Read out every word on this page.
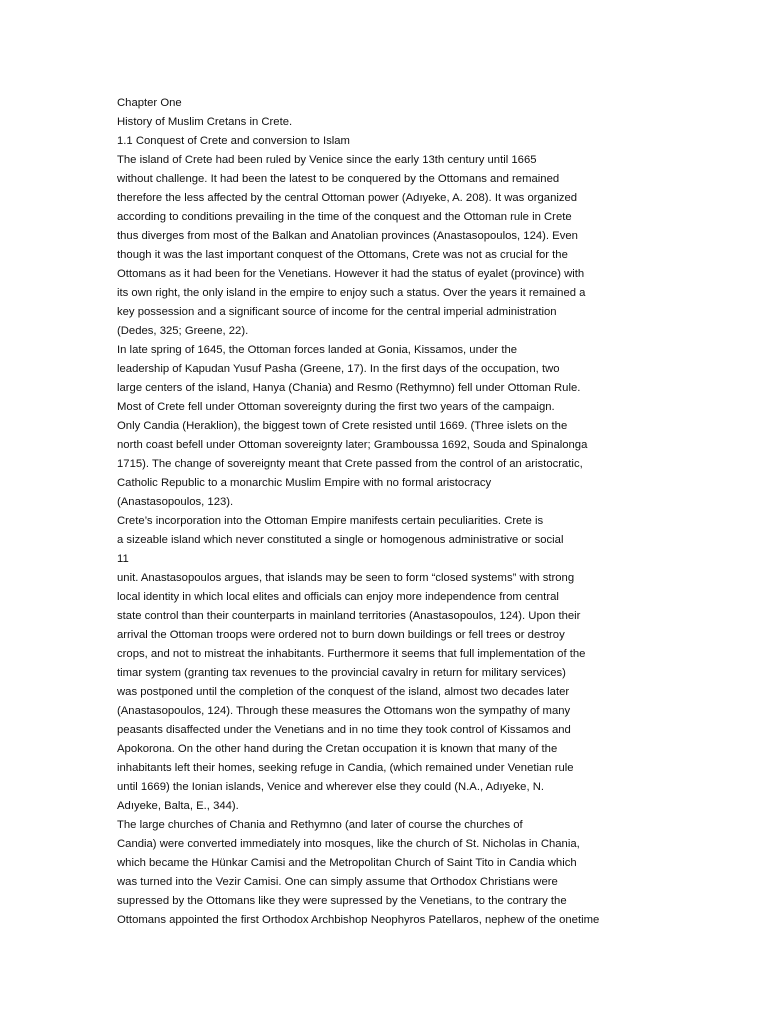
Chapter One
History of Muslim Cretans in Crete.
1.1 Conquest of Crete and conversion to Islam
The island of Crete had been ruled by Venice since the early 13th century until 1665
without challenge. It had been the latest to be conquered by the Ottomans and remained
therefore the less affected by the central Ottoman power (Adıyeke, A. 208). It was organized
according to conditions prevailing in the time of the conquest and the Ottoman rule in Crete
thus diverges from most of the Balkan and Anatolian provinces (Anastasopoulos, 124). Even
though it was the last important conquest of the Ottomans, Crete was not as crucial for the
Ottomans as it had been for the Venetians. However it had the status of eyalet (province) with
its own right, the only island in the empire to enjoy such a status. Over the years it remained a
key possession and a significant source of income for the central imperial administration
(Dedes, 325; Greene, 22).
In late spring of 1645, the Ottoman forces landed at Gonia, Kissamos, under the
leadership of Kapudan Yusuf Pasha (Greene, 17). In the first days of the occupation, two
large centers of the island, Hanya (Chania) and Resmo (Rethymno) fell under Ottoman Rule.
Most of Crete fell under Ottoman sovereignty during the first two years of the campaign.
Only Candia (Heraklion), the biggest town of Crete resisted until 1669. (Three islets on the
north coast befell under Ottoman sovereignty later; Gramboussa 1692, Souda and Spinalonga
1715). The change of sovereignty meant that Crete passed from the control of an aristocratic,
Catholic Republic to a monarchic Muslim Empire with no formal aristocracy
(Anastasopoulos, 123).
Crete’s incorporation into the Ottoman Empire manifests certain peculiarities. Crete is
a sizeable island which never constituted a single or homogenous administrative or social
11
unit. Anastasopoulos argues, that islands may be seen to form “closed systems” with strong
local identity in which local elites and officials can enjoy more independence from central
state control than their counterparts in mainland territories (Anastasopoulos, 124). Upon their
arrival the Ottoman troops were ordered not to burn down buildings or fell trees or destroy
crops, and not to mistreat the inhabitants. Furthermore it seems that full implementation of the
timar system (granting tax revenues to the provincial cavalry in return for military services)
was postponed until the completion of the conquest of the island, almost two decades later
(Anastasopoulos, 124). Through these measures the Ottomans won the sympathy of many
peasants disaffected under the Venetians and in no time they took control of Kissamos and
Apokorona. On the other hand during the Cretan occupation it is known that many of the
inhabitants left their homes, seeking refuge in Candia, (which remained under Venetian rule
until 1669) the Ionian islands, Venice and wherever else they could (N.A., Adıyeke, N.
Adıyeke, Balta, E., 344).
The large churches of Chania and Rethymno (and later of course the churches of
Candia) were converted immediately into mosques, like the church of St. Nicholas in Chania,
which became the Hünkar Camisi and the Metropolitan Church of Saint Tito in Candia which
was turned into the Vezir Camisi. One can simply assume that Orthodox Christians were
supressed by the Ottomans like they were supressed by the Venetians, to the contrary the
Ottomans appointed the first Orthodox Archbishop Neophyros Patellaros, nephew of the onetime
